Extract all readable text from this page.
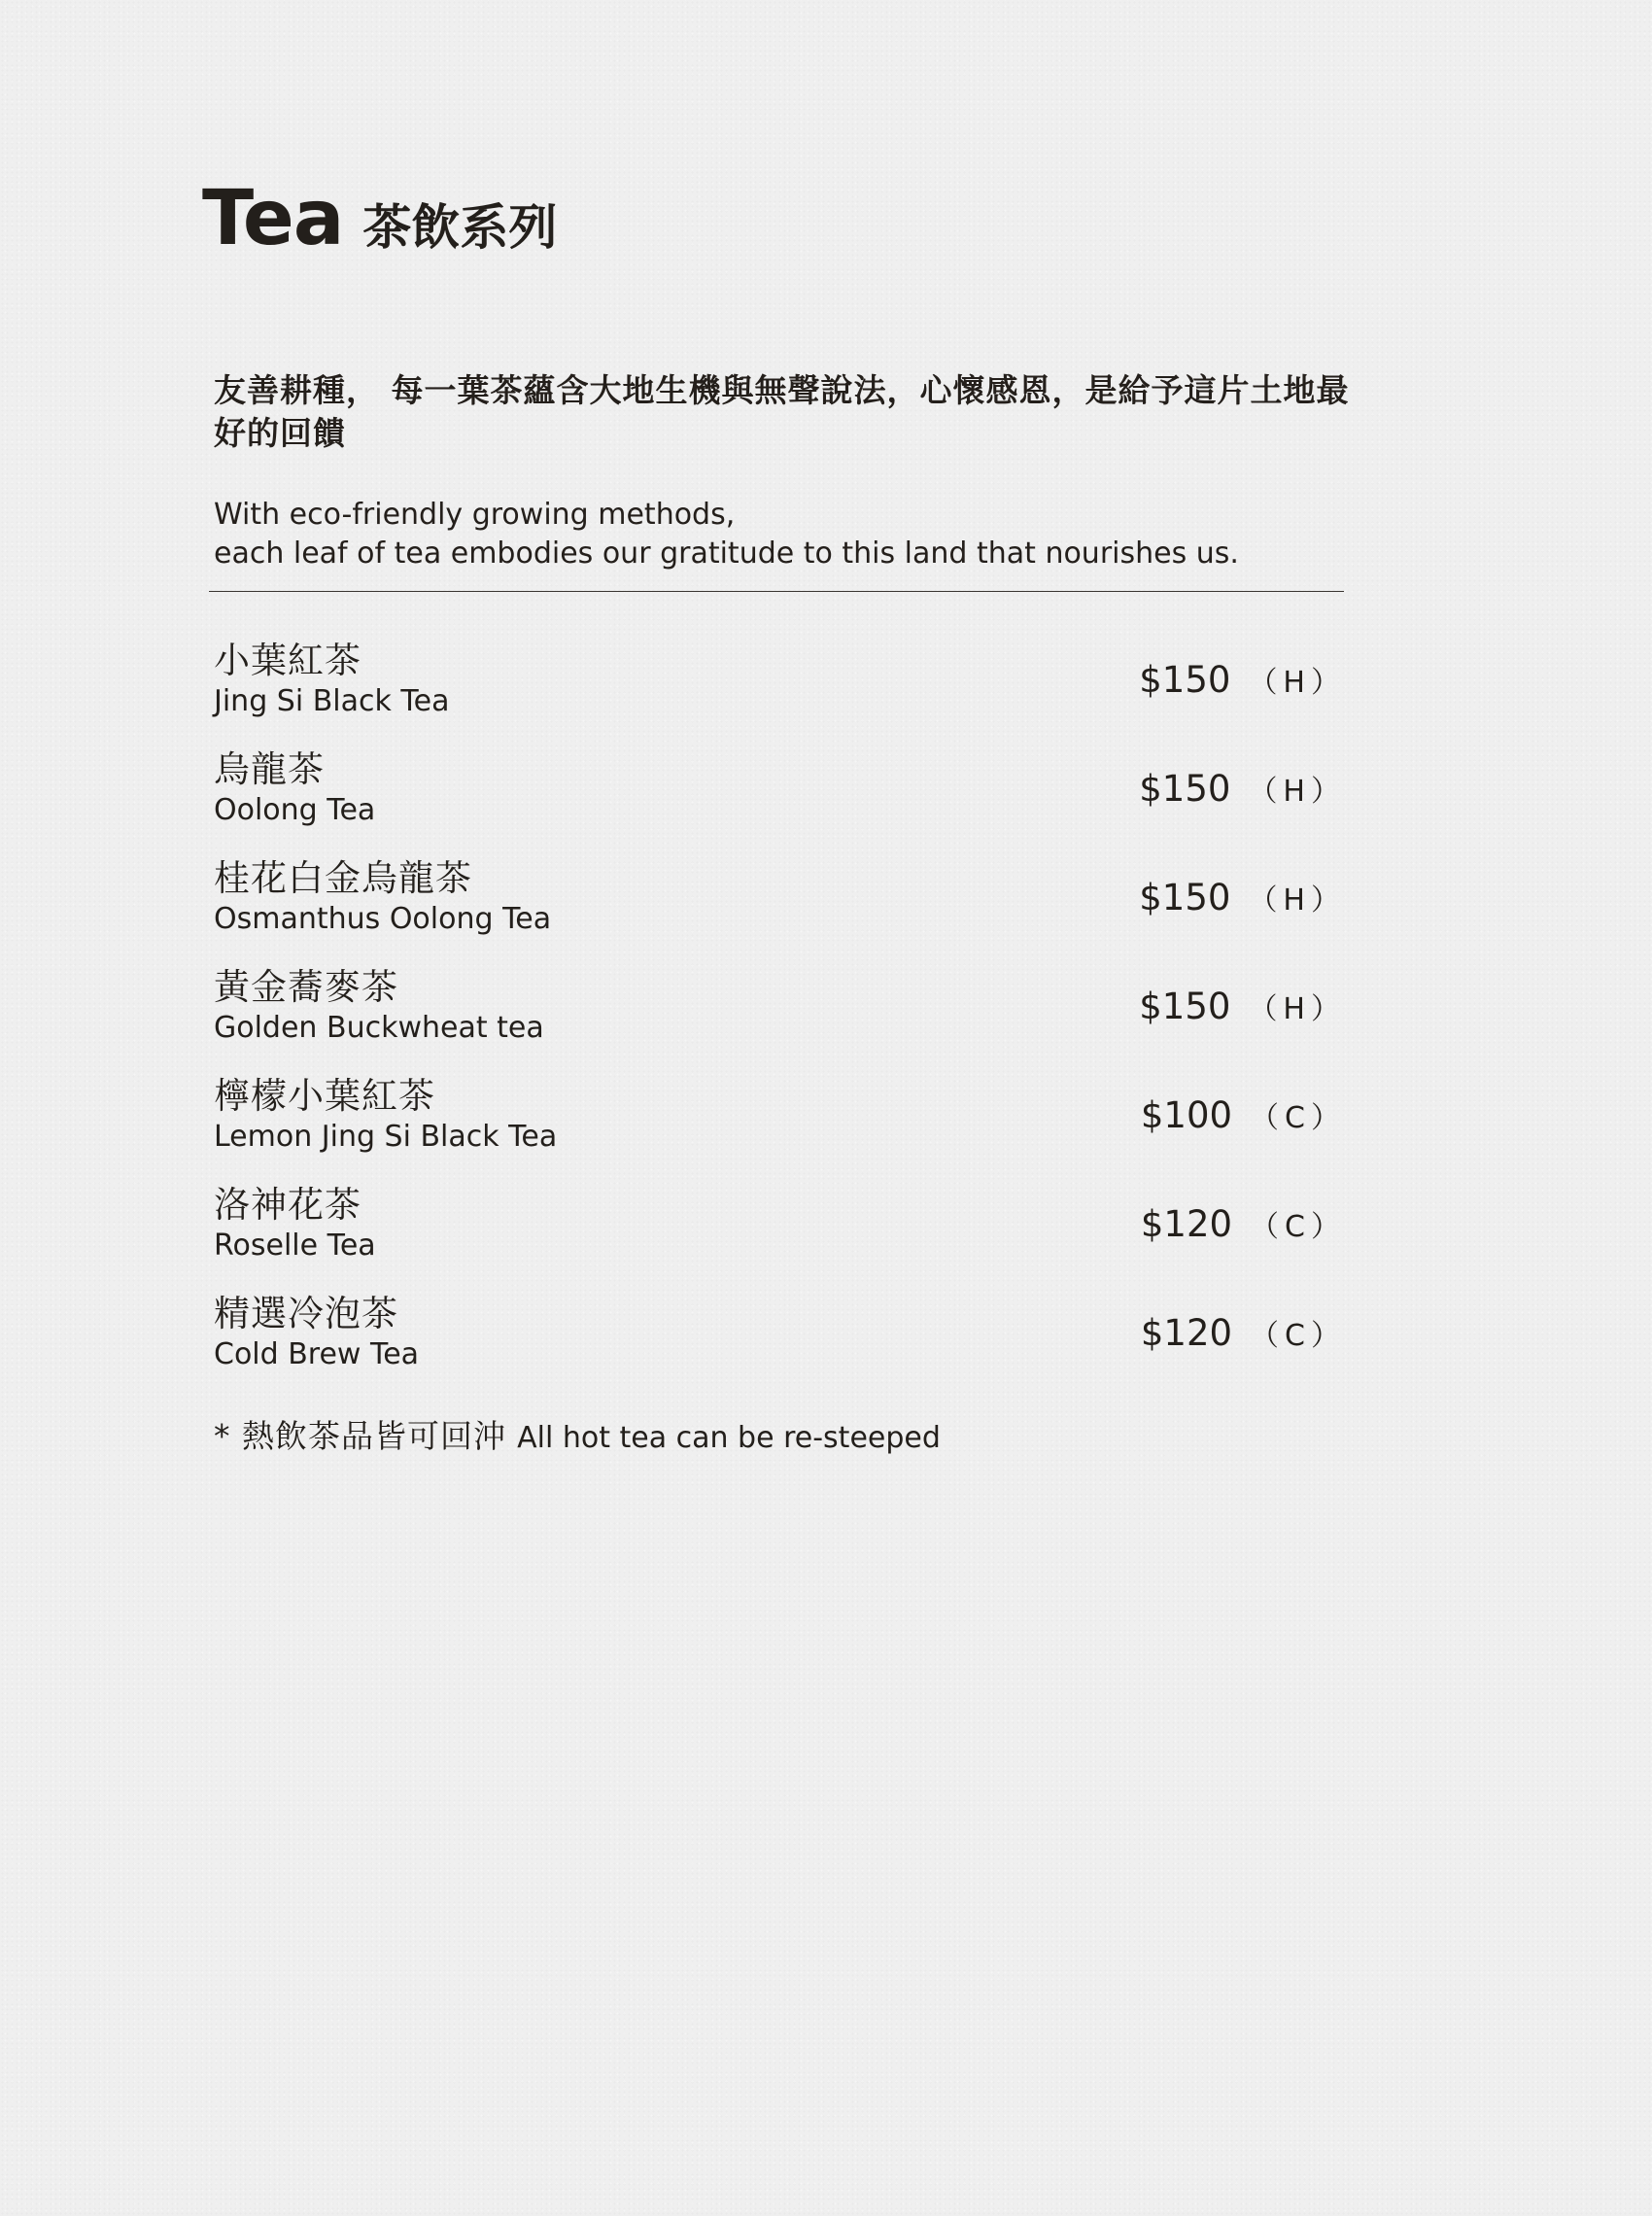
Tea 茶飲系列
友善耕種， 每一葉茶蘊含大地生機與無聲說法，心懷感恩，是給予這片土地最好的回饋
With eco-friendly growing methods,
each leaf of tea embodies our gratitude to this land that nourishes us.
小葉紅茶
Jing Si Black Tea
$150 （H）
烏龍茶
Oolong Tea
$150 （H）
桂花白金烏龍茶
Osmanthus Oolong Tea
$150 （H）
黃金蕎麥茶
Golden Buckwheat tea
$150 （H）
檸檬小葉紅茶
Lemon Jing Si Black Tea
$100 （C）
洛神花茶
Roselle Tea
$120 （C）
精選冷泡茶
Cold Brew Tea
$120 （C）
* 熱飲茶品皆可回沖 All hot tea can be re-steeped
